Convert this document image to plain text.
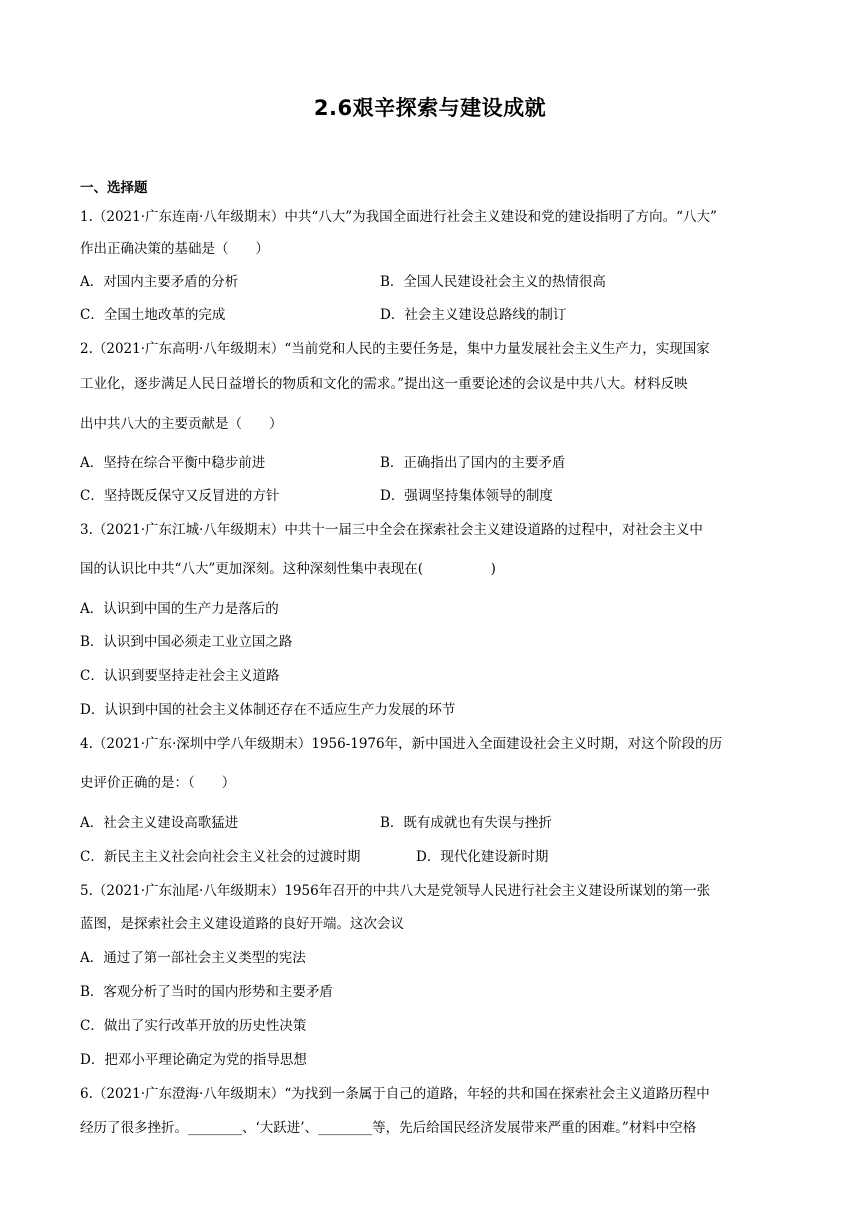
2.6艰辛探索与建设成就
一、选择题
1.（2021·广东连南·八年级期末）中共“八大”为我国全面进行社会主义建设和党的建设指明了方向。“八大”
作出正确决策的基础是（　　）
A．对国内主要矛盾的分析	B．全国人民建设社会主义的热情很高
C．全国土地改革的完成	D．社会主义建设总路线的制订
2.（2021·广东高明·八年级期末）“当前党和人民的主要任务是，集中力量发展社会主义生产力，实现国家
工业化，逐步满足人民日益增长的物质和文化的需求。”提出这一重要论述的会议是中共八大。材料反映
出中共八大的主要贡献是（　　）
A．坚持在综合平衡中稳步前进	B．正确指出了国内的主要矛盾
C．坚持既反保守又反冒进的方针	D．强调坚持集体领导的制度
3.（2021·广东江城·八年级期末）中共十一届三中全会在探索社会主义建设道路的过程中，对社会主义中
国的认识比中共“八大”更加深刻。这种深刻性集中表现在(　　　　　)
A．认识到中国的生产力是落后的
B．认识到中国必须走工业立国之路
C．认识到要坚持走社会主义道路
D．认识到中国的社会主义体制还存在不适应生产力发展的环节
4.（2021·广东·深圳中学八年级期末）1956-1976年，新中国进入全面建设社会主义时期，对这个阶段的历
史评价正确的是：（　　）
A．社会主义建设高歌猛进	B．既有成就也有失误与挫折
C．新民主主义社会向社会主义社会的过渡时期	D．现代化建设新时期
5.（2021·广东汕尾·八年级期末）1956年召开的中共八大是党领导人民进行社会主义建设所谋划的第一张
蓝图，是探索社会主义建设道路的良好开端。这次会议
A．通过了第一部社会主义类型的宪法
B．客观分析了当时的国内形势和主要矛盾
C．做出了实行改革开放的历史性决策
D．把邓小平理论确定为党的指导思想
6.（2021·广东澄海·八年级期末）“为找到一条属于自己的道路，年轻的共和国在探索社会主义道路历程中
经历了很多挫折。________、‘大跃进’、________等，先后给国民经济发展带来严重的困难。”材料中空格
